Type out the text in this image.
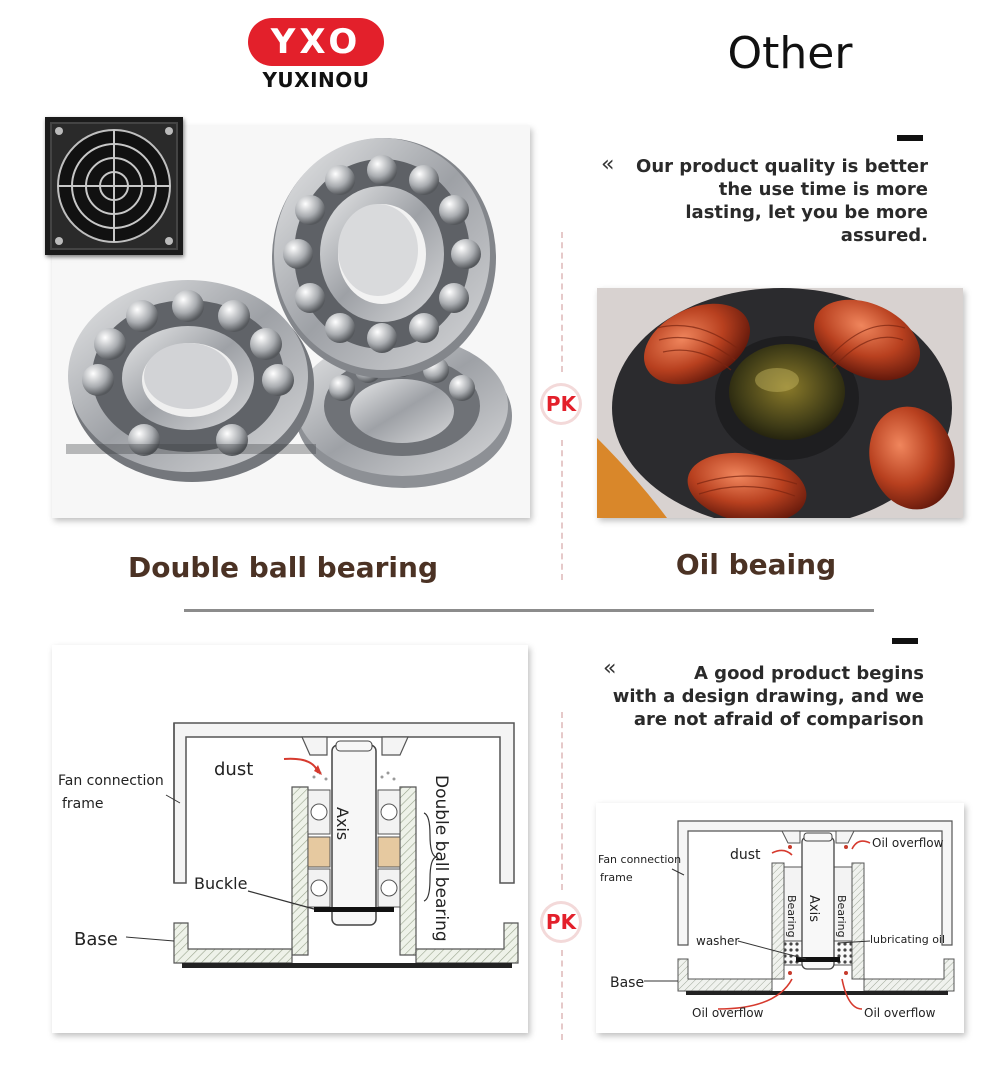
YXO
YUXINOU
Other
«	Our product quality is better
the use time is more
lasting, let you be more
assured.
PK
Double ball bearing	Oil beaing
«	A good product begins
with a design drawing, and we
are not afraid of comparison
PK
dust
Fan connection
frame
Axis	Double ball bearing
Buckle
Base
Oil overflow
dust
Fan connection
frame
Bearing Axis Bearing
washer	lubricating oil
Base
Oil overflow	Oil overflow
